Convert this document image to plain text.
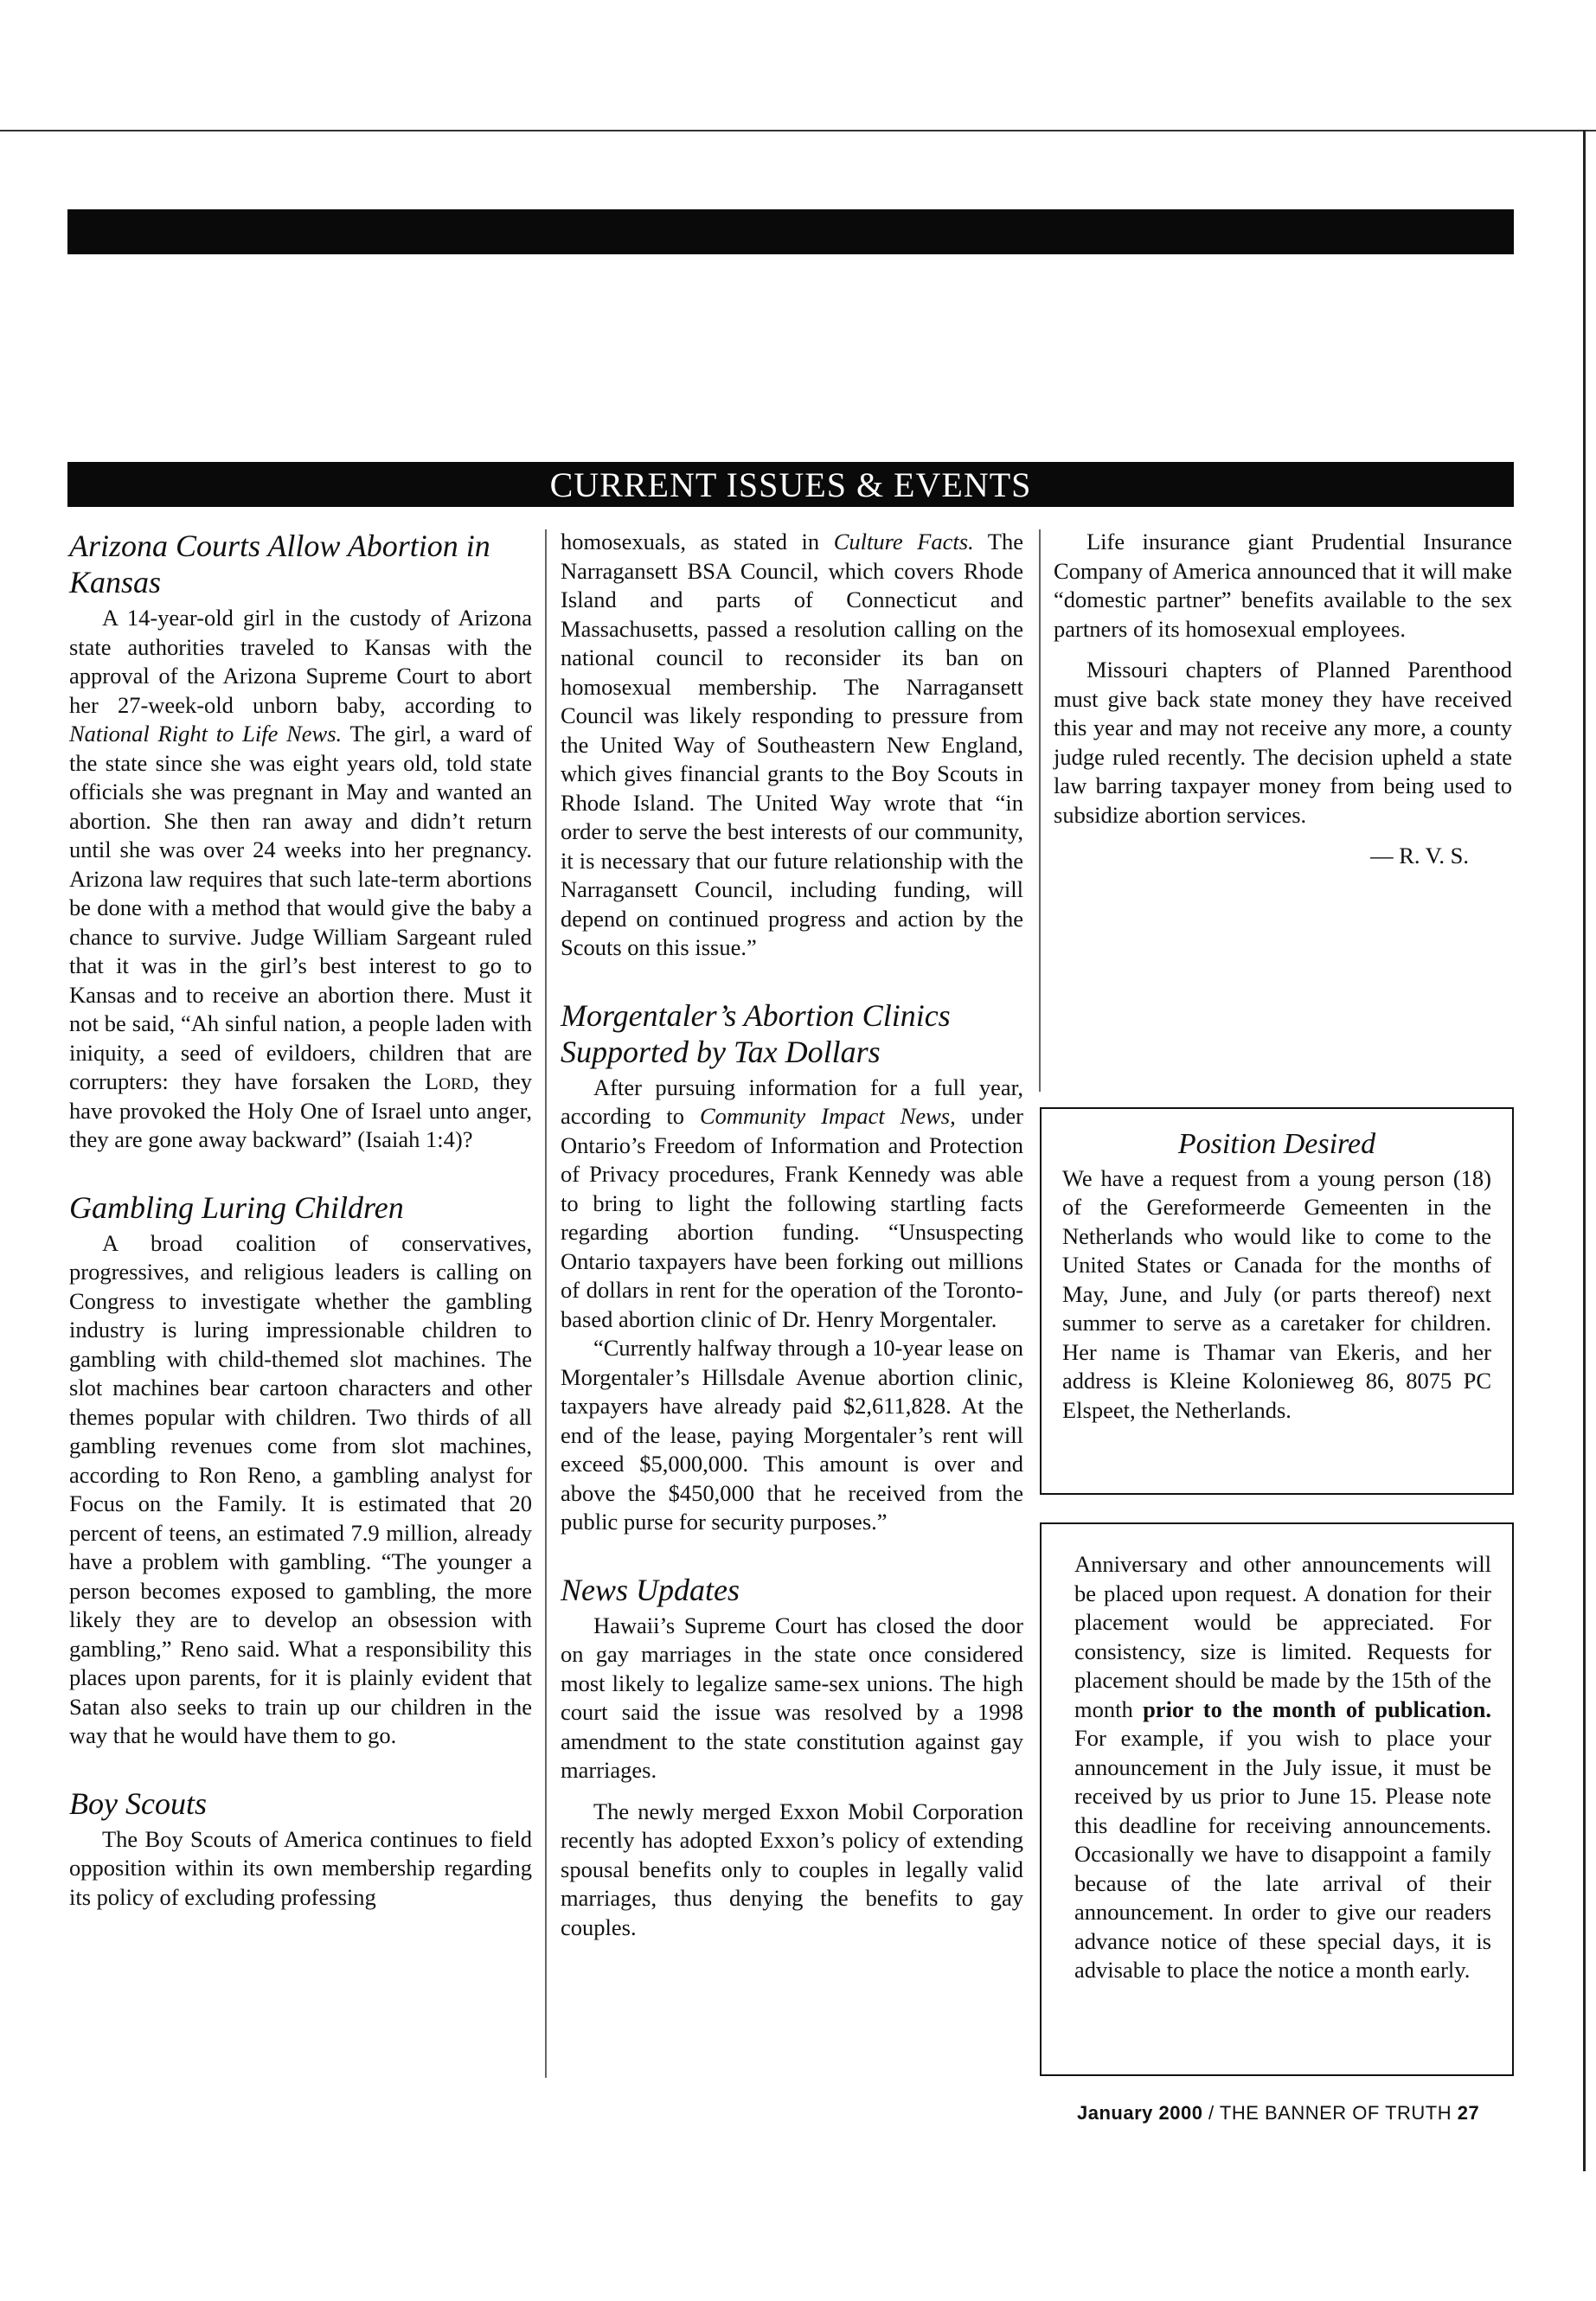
CURRENT ISSUES & EVENTS
Arizona Courts Allow Abortion in Kansas

A 14-year-old girl in the custody of Arizona state authorities traveled to Kansas with the approval of the Arizona Supreme Court to abort her 27-week-old unborn baby, according to National Right to Life News. The girl, a ward of the state since she was eight years old, told state officials she was pregnant in May and wanted an abortion. She then ran away and didn’t return until she was over 24 weeks into her pregnancy. Arizona law requires that such late-term abortions be done with a method that would give the baby a chance to survive. Judge William Sargeant ruled that it was in the girl’s best interest to go to Kansas and to receive an abortion there. Must it not be said, “Ah sinful nation, a people laden with iniquity, a seed of evildoers, children that are corrupters: they have forsaken the Lord, they have provoked the Holy One of Israel unto anger, they are gone away backward” (Isaiah 1:4)?

Gambling Luring Children

A broad coalition of conservatives, progressives, and religious leaders is calling on Congress to investigate whether the gambling industry is luring impressionable children to gambling with child-themed slot machines. The slot machines bear cartoon characters and other themes popular with children. Two thirds of all gambling revenues come from slot machines, according to Ron Reno, a gambling analyst for Focus on the Family. It is estimated that 20 percent of teens, an estimated 7.9 million, already have a problem with gambling. “The younger a person becomes exposed to gambling, the more likely they are to develop an obsession with gambling,” Reno said. What a responsibility this places upon parents, for it is plainly evident that Satan also seeks to train up our children in the way that he would have them to go.

Boy Scouts

The Boy Scouts of America continues to field opposition within its own membership regarding its policy of excluding professing

homosexuals, as stated in Culture Facts. The Narragansett BSA Council, which covers Rhode Island and parts of Connecticut and Massachusetts, passed a resolution calling on the national council to reconsider its ban on homosexual membership. The Narragansett Council was likely responding to pressure from the United Way of Southeastern New England, which gives financial grants to the Boy Scouts in Rhode Island. The United Way wrote that “in order to serve the best interests of our community, it is necessary that our future relationship with the Narragansett Council, including funding, will depend on continued progress and action by the Scouts on this issue.”

Morgentaler’s Abortion Clinics Supported by Tax Dollars

After pursuing information for a full year, according to Community Impact News, under Ontario’s Freedom of Information and Protection of Privacy procedures, Frank Kennedy was able to bring to light the following startling facts regarding abortion funding. “Unsuspecting Ontario taxpayers have been forking out millions of dollars in rent for the operation of the Toronto-based abortion clinic of Dr. Henry Morgentaler.

“Currently halfway through a 10-year lease on Morgentaler’s Hillsdale Avenue abortion clinic, taxpayers have already paid $2,611,828. At the end of the lease, paying Morgentaler’s rent will exceed $5,000,000. This amount is over and above the $450,000 that he received from the public purse for security purposes.”

News Updates

Hawaii’s Supreme Court has closed the door on gay marriages in the state once considered most likely to legalize same-sex unions. The high court said the issue was resolved by a 1998 amendment to the state constitution against gay marriages.

The newly merged Exxon Mobil Corporation recently has adopted Exxon’s policy of extending spousal benefits only to couples in legally valid marriages, thus denying the benefits to gay couples.

Life insurance giant Prudential Insurance Company of America announced that it will make “domestic partner” benefits available to the sex partners of its homosexual employees.

Missouri chapters of Planned Parenthood must give back state money they have received this year and may not receive any more, a county judge ruled recently. The decision upheld a state law barring taxpayer money from being used to subsidize abortion services.

— R. V. S.
Position Desired

We have a request from a young person (18) of the Gereformeerde Gemeenten in the Netherlands who would like to come to the United States or Canada for the months of May, June, and July (or parts thereof) next summer to serve as a caretaker for children. Her name is Thamar van Ekeris, and her address is Kleine Kolonieweg 86, 8075 PC Elspeet, the Netherlands.

Anniversary and other announcements will be placed upon request. A donation for their placement would be appreciated. For consistency, size is limited. Requests for placement should be made by the 15th of the month prior to the month of publication. For example, if you wish to place your announcement in the July issue, it must be received by us prior to June 15. Please note this deadline for receiving announcements. Occasionally we have to disappoint a family because of the late arrival of their announcement. In order to give our readers advance notice of these special days, it is advisable to place the notice a month early.

January 2000 / THE BANNER OF TRUTH 27
